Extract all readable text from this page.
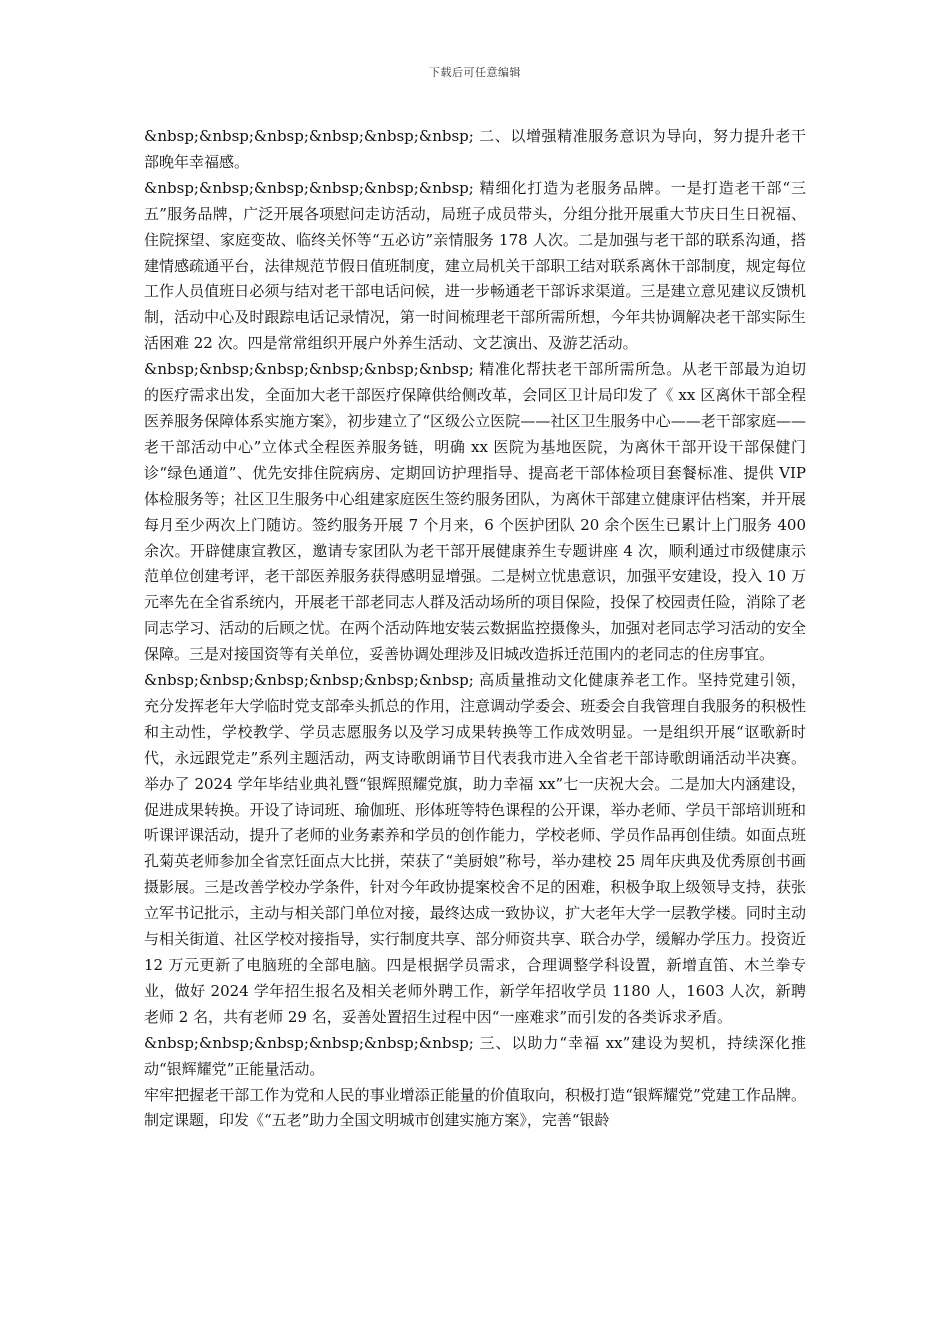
下载后可任意编辑

&nbsp;&nbsp;&nbsp;&nbsp;&nbsp;&nbsp; 二、以增强精准服务意识为导向，努力提升老干部晚年幸福感。

&nbsp;&nbsp;&nbsp;&nbsp;&nbsp;&nbsp; 精细化打造为老服务品牌。一是打造老干部“三五”服务品牌，广泛开展各项慰问走访活动，局班子成员带头，分组分批开展重大节庆日生日祝福、住院探望、家庭变故、临终关怀等“五必访”亲情服务 178 人次。二是加强与老干部的联系沟通，搭建情感疏通平台，法律规范节假日值班制度，建立局机关干部职工结对联系离休干部制度，规定每位工作人员值班日必须与结对老干部电话问候，进一步畅通老干部诉求渠道。三是建立意见建议反馈机制，活动中心及时跟踪电话记录情况，第一时间梳理老干部所需所想，今年共协调解决老干部实际生活困难 22 次。四是常常组织开展户外养生活动、文艺演出、及游艺活动。

&nbsp;&nbsp;&nbsp;&nbsp;&nbsp;&nbsp; 精准化帮扶老干部所需所急。从老干部最为迫切的医疗需求出发，全面加大老干部医疗保障供给侧改革，会同区卫计局印发了《 xx 区离休干部全程医养服务保障体系实施方案》，初步建立了“区级公立医院——社区卫生服务中心——老干部家庭——老干部活动中心”立体式全程医养服务链，明确 xx 医院为基地医院，为离休干部开设干部保健门诊“绿色通道”、优先安排住院病房、定期回访护理指导、提高老干部体检项目套餐标准、提供 VIP 体检服务等；社区卫生服务中心组建家庭医生签约服务团队，为离休干部建立健康评估档案，并开展每月至少两次上门随访。签约服务开展 7 个月来，6 个医护团队 20 余个医生已累计上门服务 400 余次。开辟健康宣教区，邀请专家团队为老干部开展健康养生专题讲座 4 次，顺利通过市级健康示范单位创建考评，老干部医养服务获得感明显增强。二是树立忧患意识，加强平安建设，投入 10 万元率先在全省系统内，开展老干部老同志人群及活动场所的项目保险，投保了校园责任险，消除了老同志学习、活动的后顾之忧。在两个活动阵地安装云数据监控摄像头，加强对老同志学习活动的安全保障。三是对接国资等有关单位，妥善协调处理涉及旧城改造拆迁范围内的老同志的住房事宜。

&nbsp;&nbsp;&nbsp;&nbsp;&nbsp;&nbsp; 高质量推动文化健康养老工作。坚持党建引领，充分发挥老年大学临时党支部牵头抓总的作用，注意调动学委会、班委会自我管理自我服务的积极性和主动性，学校教学、学员志愿服务以及学习成果转换等工作成效明显。一是组织开展“讴歌新时代，永远跟党走”系列主题活动，两支诗歌朗诵节目代表我市进入全省老干部诗歌朗诵活动半决赛。举办了 2024 学年毕结业典礼暨“银辉照耀党旗，助力幸福 xx”七一庆祝大会。二是加大内涵建设，促进成果转换。开设了诗词班、瑜伽班、形体班等特色课程的公开课，举办老师、学员干部培训班和听课评课活动，提升了老师的业务素养和学员的创作能力，学校老师、学员作品再创佳绩。如面点班孔菊英老师参加全省烹饪面点大比拼，荣获了“美厨娘”称号，举办建校 25 周年庆典及优秀原创书画摄影展。三是改善学校办学条件，针对今年政协提案校舍不足的困难，积极争取上级领导支持，获张立军书记批示，主动与相关部门单位对接，最终达成一致协议，扩大老年大学一层教学楼。同时主动与相关街道、社区学校对接指导，实行制度共享、部分师资共享、联合办学，缓解办学压力。投资近 12 万元更新了电脑班的全部电脑。四是根据学员需求，合理调整学科设置，新增直笛、木兰拳专业，做好 2024 学年招生报名及相关老师外聘工作，新学年招收学员 1180 人，1603 人次，新聘老师 2 名，共有老师 29 名，妥善处置招生过程中因“一座难求”而引发的各类诉求矛盾。

&nbsp;&nbsp;&nbsp;&nbsp;&nbsp;&nbsp; 三、以助力“幸福 xx”建设为契机，持续深化推动“银辉耀党”正能量活动。

牢牢把握老干部工作为党和人民的事业增添正能量的价值取向，积极打造“银辉耀党”党建工作品牌。制定课题，印发《“五老”助力全国文明城市创建实施方案》，完善“银龄
